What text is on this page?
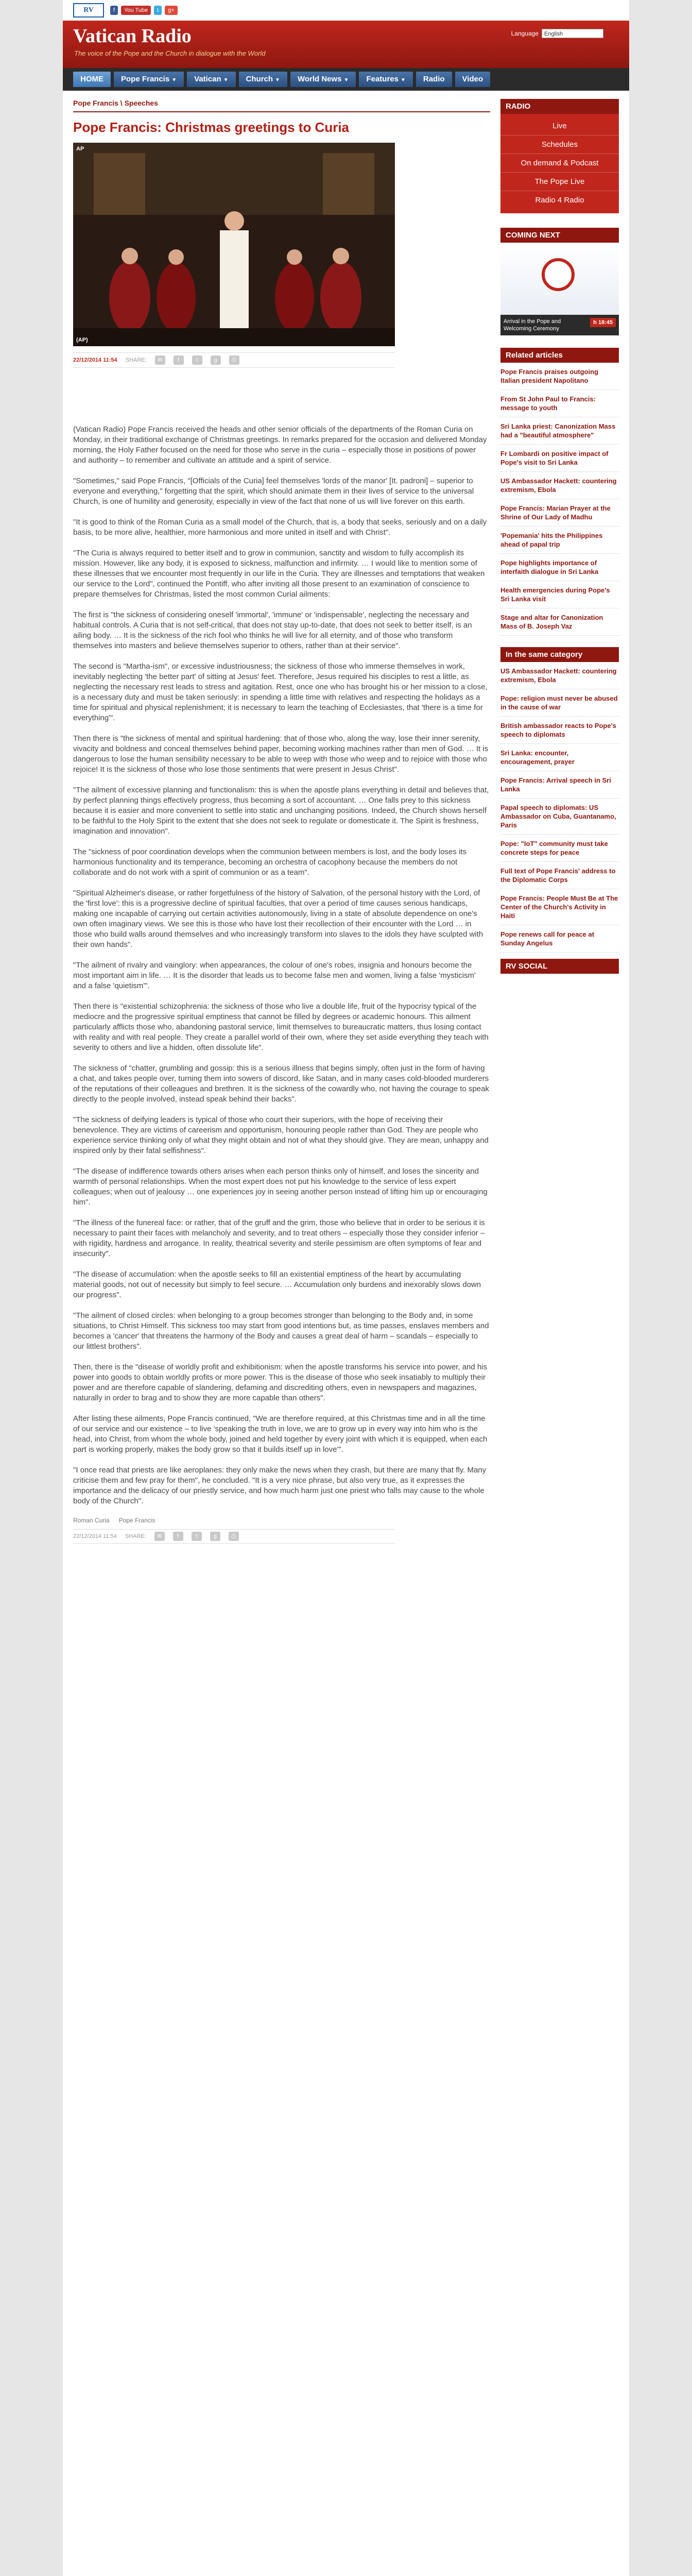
RV	f	You Tube	t	g+
Vatican Radio
The voice of the Pope and the Church in dialogue with the World
Language	English
HOME	Pope Francis ▼	Vatican ▼	Church ▼	World News ▼	Features ▼	Radio	Video
Pope Francis \ Speeches
Pope Francis: Christmas greetings to Curia
AP
(AP)
22/12/2014 11:54 SHARE:	✉	f	t	g	⎙

(Vatican Radio) Pope Francis received the heads and other senior officials of the departments of the Roman Curia on Monday, in their traditional exchange of Christmas greetings. In remarks prepared for the occasion and delivered Monday morning, the Holy Father focused on the need for those who serve in the curia – especially those in positions of power and authority – to remember and cultivate an attitude and a spirit of service.

"Sometimes," said Pope Francis, "[Officials of the Curia] feel themselves 'lords of the manor' [It. padroni] – superior to everyone and everything," forgetting that the spirit, which should animate them in their lives of service to the universal Church, is one of humility and generosity, especially in view of the fact that none of us will live forever on this earth.

"It is good to think of the Roman Curia as a small model of the Church, that is, a body that seeks, seriously and on a daily basis, to be more alive, healthier, more harmonious and more united in itself and with Christ".

"The Curia is always required to better itself and to grow in communion, sanctity and wisdom to fully accomplish its mission. However, like any body, it is exposed to sickness, malfunction and infirmity. … I would like to mention some of these illnesses that we encounter most frequently in our life in the Curia. They are illnesses and temptations that weaken our service to the Lord", continued the Pontiff, who after inviting all those present to an examination of conscience to prepare themselves for Christmas, listed the most common Curial ailments:

The first is "the sickness of considering oneself 'immortal', 'immune' or 'indispensable', neglecting the necessary and habitual controls. A Curia that is not self-critical, that does not stay up-to-date, that does not seek to better itself, is an ailing body. … It is the sickness of the rich fool who thinks he will live for all eternity, and of those who transform themselves into masters and believe themselves superior to others, rather than at their service".

The second is "Martha-ism", or excessive industriousness; the sickness of those who immerse themselves in work, inevitably neglecting 'the better part' of sitting at Jesus' feet. Therefore, Jesus required his disciples to rest a little, as neglecting the necessary rest leads to stress and agitation. Rest, once one who has brought his or her mission to a close, is a necessary duty and must be taken seriously: in spending a little time with relatives and respecting the holidays as a time for spiritual and physical replenishment; it is necessary to learn the teaching of Ecclesiastes, that 'there is a time for everything'".

Then there is "the sickness of mental and spiritual hardening: that of those who, along the way, lose their inner serenity, vivacity and boldness and conceal themselves behind paper, becoming working machines rather than men of God. … It is dangerous to lose the human sensibility necessary to be able to weep with those who weep and to rejoice with those who rejoice! It is the sickness of those who lose those sentiments that were present in Jesus Christ".

"The ailment of excessive planning and functionalism: this is when the apostle plans everything in detail and believes that, by perfect planning things effectively progress, thus becoming a sort of accountant. … One falls prey to this sickness because it is easier and more convenient to settle into static and unchanging positions. Indeed, the Church shows herself to be faithful to the Holy Spirit to the extent that she does not seek to regulate or domesticate it. The Spirit is freshness, imagination and innovation".

The "sickness of poor coordination develops when the communion between members is lost, and the body loses its harmonious functionality and its temperance, becoming an orchestra of cacophony because the members do not collaborate and do not work with a spirit of communion or as a team".

"Spiritual Alzheimer's disease, or rather forgetfulness of the history of Salvation, of the personal history with the Lord, of the 'first love': this is a progressive decline of spiritual faculties, that over a period of time causes serious handicaps, making one incapable of carrying out certain activities autonomously, living in a state of absolute dependence on one's own often imaginary views. We see this is those who have lost their recollection of their encounter with the Lord … in those who build walls around themselves and who increasingly transform into slaves to the idols they have sculpted with their own hands".

"The ailment of rivalry and vainglory: when appearances, the colour of one's robes, insignia and honours become the most important aim in life. … It is the disorder that leads us to become false men and women, living a false 'mysticism' and a false 'quietism'".

Then there is "existential schizophrenia: the sickness of those who live a double life, fruit of the hypocrisy typical of the mediocre and the progressive spiritual emptiness that cannot be filled by degrees or academic honours. This ailment particularly afflicts those who, abandoning pastoral service, limit themselves to bureaucratic matters, thus losing contact with reality and with real people. They create a parallel world of their own, where they set aside everything they teach with severity to others and live a hidden, often dissolute life".

The sickness of "chatter, grumbling and gossip: this is a serious illness that begins simply, often just in the form of having a chat, and takes people over, turning them into sowers of discord, like Satan, and in many cases cold-blooded murderers of the reputations of their colleagues and brethren. It is the sickness of the cowardly who, not having the courage to speak directly to the people involved, instead speak behind their backs".

"The sickness of deifying leaders is typical of those who court their superiors, with the hope of receiving their benevolence. They are victims of careerism and opportunism, honouring people rather than God. They are people who experience service thinking only of what they might obtain and not of what they should give. They are mean, unhappy and inspired only by their fatal selfishness".

"The disease of indifference towards others arises when each person thinks only of himself, and loses the sincerity and warmth of personal relationships. When the most expert does not put his knowledge to the service of less expert colleagues; when out of jealousy … one experiences joy in seeing another person instead of lifting him up or encouraging him".

"The illness of the funereal face: or rather, that of the gruff and the grim, those who believe that in order to be serious it is necessary to paint their faces with melancholy and severity, and to treat others – especially those they consider inferior – with rigidity, hardness and arrogance. In reality, theatrical severity and sterile pessimism are often symptoms of fear and insecurity".

"The disease of accumulation: when the apostle seeks to fill an existential emptiness of the heart by accumulating material goods, not out of necessity but simply to feel secure. … Accumulation only burdens and inexorably slows down our progress".

"The ailment of closed circles: when belonging to a group becomes stronger than belonging to the Body and, in some situations, to Christ Himself. This sickness too may start from good intentions but, as time passes, enslaves members and becomes a 'cancer' that threatens the harmony of the Body and causes a great deal of harm – scandals – especially to our littlest brothers".

Then, there is the "disease of worldly profit and exhibitionism: when the apostle transforms his service into power, and his power into goods to obtain worldly profits or more power. This is the disease of those who seek insatiably to multiply their power and are therefore capable of slandering, defaming and discrediting others, even in newspapers and magazines, naturally in order to brag and to show they are more capable than others".

After listing these ailments, Pope Francis continued, "We are therefore required, at this Christmas time and in all the time of our service and our existence – to live 'speaking the truth in love, we are to grow up in every way into him who is the head, into Christ, from whom the whole body, joined and held together by every joint with which it is equipped, when each part is working properly, makes the body grow so that it builds itself up in love'".

"I once read that priests are like aeroplanes: they only make the news when they crash, but there are many that fly. Many criticise them and few pray for them", he concluded. "It is a very nice phrase, but also very true, as it expresses the importance and the delicacy of our priestly service, and how much harm just one priest who falls may cause to the whole body of the Church".

Roman Curia Pope Francis
22/12/2014 11:54 SHARE:	✉	f	t	g	⎙
RADIO
Live
Schedules
On demand & Podcast
The Pope Live
Radio 4 Radio
COMING NEXT
h 18:45
Arrival in the Pope and Welcoming Ceremony
Related articles
Pope Francis praises outgoing Italian president Napolitano
From St John Paul to Francis: message to youth
Sri Lanka priest: Canonization Mass had a "beautiful atmosphere"
Fr Lombardi on positive impact of Pope's visit to Sri Lanka
US Ambassador Hackett: countering extremism, Ebola
Pope Francis: Marian Prayer at the Shrine of Our Lady of Madhu
'Popemania' hits the Philippines ahead of papal trip
Pope highlights importance of interfaith dialogue in Sri Lanka
Health emergencies during Pope's Sri Lanka visit
Stage and altar for Canonization Mass of B. Joseph Vaz
In the same category
US Ambassador Hackett: countering extremism, Ebola
Pope: religion must never be abused in the cause of war
British ambassador reacts to Pope's speech to diplomats
Sri Lanka: encounter, encouragement, prayer
Pope Francis: Arrival speech in Sri Lanka
Papal speech to diplomats: US Ambassador on Cuba, Guantanamo, Paris
Pope: "IoT" community must take concrete steps for peace
Full text of Pope Francis' address to the Diplomatic Corps
Pope Francis: People Must Be at The Center of the Church's Activity in Haiti
Pope renews call for peace at Sunday Angelus
RV SOCIAL
